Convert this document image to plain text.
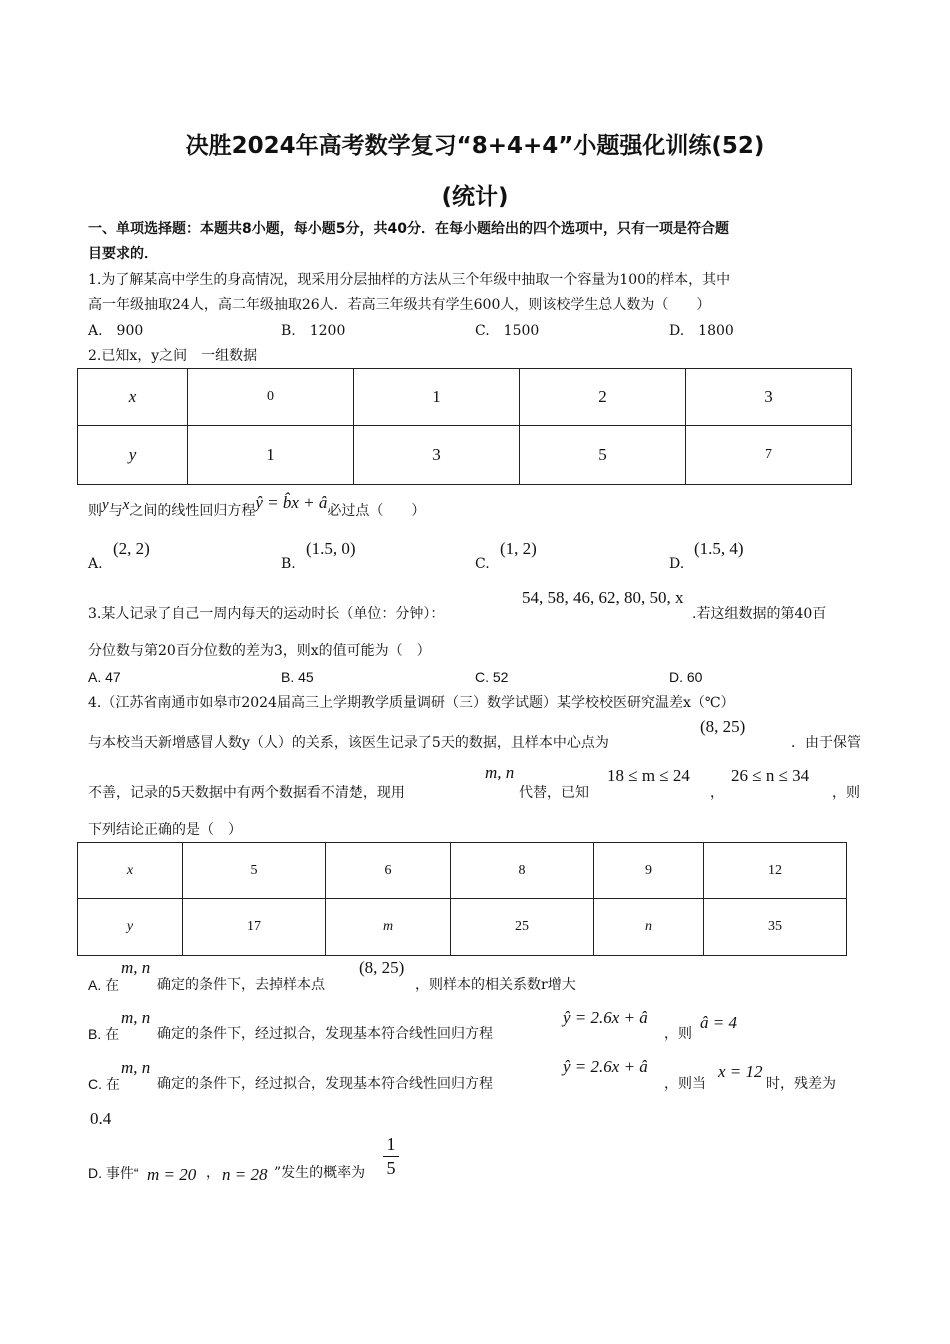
决胜2024年高考数学复习“8+4+4”小题强化训练(52)
(统计)
一、单项选择题：本题共8小题，每小题5分，共40分．在每小题给出的四个选项中，只有一项是符合题
目要求的．
1.为了解某高中学生的身高情况，现采用分层抽样的方法从三个年级中抽取一个容量为100的样本，其中
高一年级抽取24人，高二年级抽取26人．若高三年级共有学生600人，则该校学生总人数为（　　）
A.　900	B.　1200	C.　1500	D.　1800
2.已知x，y之间　一组数据
x	0	1	2	3
y	1	3	5	7
则y与x之间的线性回归方程ŷ = b̂x + â必过点（　　）
A.
(2, 2)
B.
(1.5, 0)
C.
(1, 2)
D.
(1.5, 4)
3.某人记录了自己一周内每天的运动时长（单位：分钟）：
54, 58, 46, 62, 80, 50, x
.若这组数据的第40百
分位数与第20百分位数的差为3，则x的值可能为（　）
A. 47	B. 45	C. 52	D. 60
4.（江苏省南通市如皋市2024届高三上学期教学质量调研（三）数学试题）某学校校医研究温差x（℃）
与本校当天新增感冒人数y（人）的关系，该医生记录了5天的数据，且样本中心点为
(8, 25)
．由于保管
不善，记录的5天数据中有两个数据看不清楚，现用
m, n
代替，已知
18 ≤ m ≤ 24
，
26 ≤ n ≤ 34
，则
下列结论正确的是（　）
x	5	6	8	9	12
y	17	m	25	n	35
A. 在
m, n
确定的条件下，去掉样本点
(8, 25)
，则样本的相关系数r增大
B. 在
m, n
确定的条件下，经过拟合，发现基本符合线性回归方程
ŷ = 2.6x + â
，则
â = 4
C. 在
m, n
确定的条件下，经过拟合，发现基本符合线性回归方程
ŷ = 2.6x + â
，则当
x = 12
时，残差为
0.4
D. 事件“ m = 20 ， n = 28 ”发生的概率为
1
5
